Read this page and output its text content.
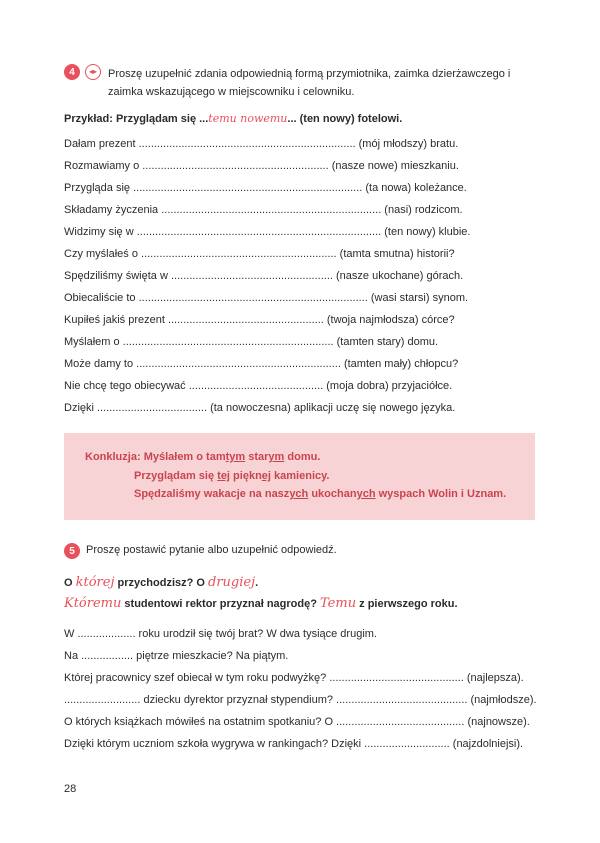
4	◂▸ Proszę uzupełnić zdania odpowiednią formą przymiotnika, zaimka dzierżawczego i zaimka wskazującego w miejscowniku i celowniku.
Przykład: Przyglądam się ...temu nowemu... (ten nowy) fotelowi.
Dałam prezent ....................................................................... (mój młodszy) bratu.
Rozmawiamy o ............................................................. (nasze nowe) mieszkaniu.
Przygląda się ........................................................................... (ta nowa) koleżance.
Składamy życzenia ........................................................................ (nasi) rodzicom.
Widzimy się w ................................................................................ (ten nowy) klubie.
Czy myślałeś o ................................................................ (tamta smutna) historii?
Spędziliśmy święta w ..................................................... (nasze ukochane) górach.
Obiecaliście to ........................................................................... (wasi starsi) synom.
Kupiłeś jakiś prezent ................................................... (twoja najmłodsza) córce?
Myślałem o ..................................................................... (tamten stary) domu.
Może damy to ................................................................... (tamten mały) chłopcu?
Nie chcę tego obiecywać ............................................ (moja dobra) przyjaciółce.
Dzięki .................................... (ta nowoczesna) aplikacji uczę się nowego języka.
Konkluzja: Myślałem o tamtym starym domu.
Przyglądam się tej pięknej kamienicy.
Spędzaliśmy wakacje na naszych ukochanych wyspach Wolin i Uznam.
5	Proszę postawić pytanie albo uzupełnić odpowiedź.
O której przychodzisz? O drugiej.
Któremu studentowi rektor przyznał nagrodę? Temu z pierwszego roku.
W ................... roku urodził się twój brat? W dwa tysiące drugim.
Na ................. piętrze mieszkacie? Na piątym.
Której pracownicy szef obiecał w tym roku podwyżkę? ............................................ (najlepsza).
......................... dziecku dyrektor przyznał stypendium? ........................................... (najmłodsze).
O których książkach mówiłeś na ostatnim spotkaniu? O .......................................... (najnowsze).
Dzięki którym uczniom szkoła wygrywa w rankingach? Dzięki ............................ (najzdolniejsi).
28
